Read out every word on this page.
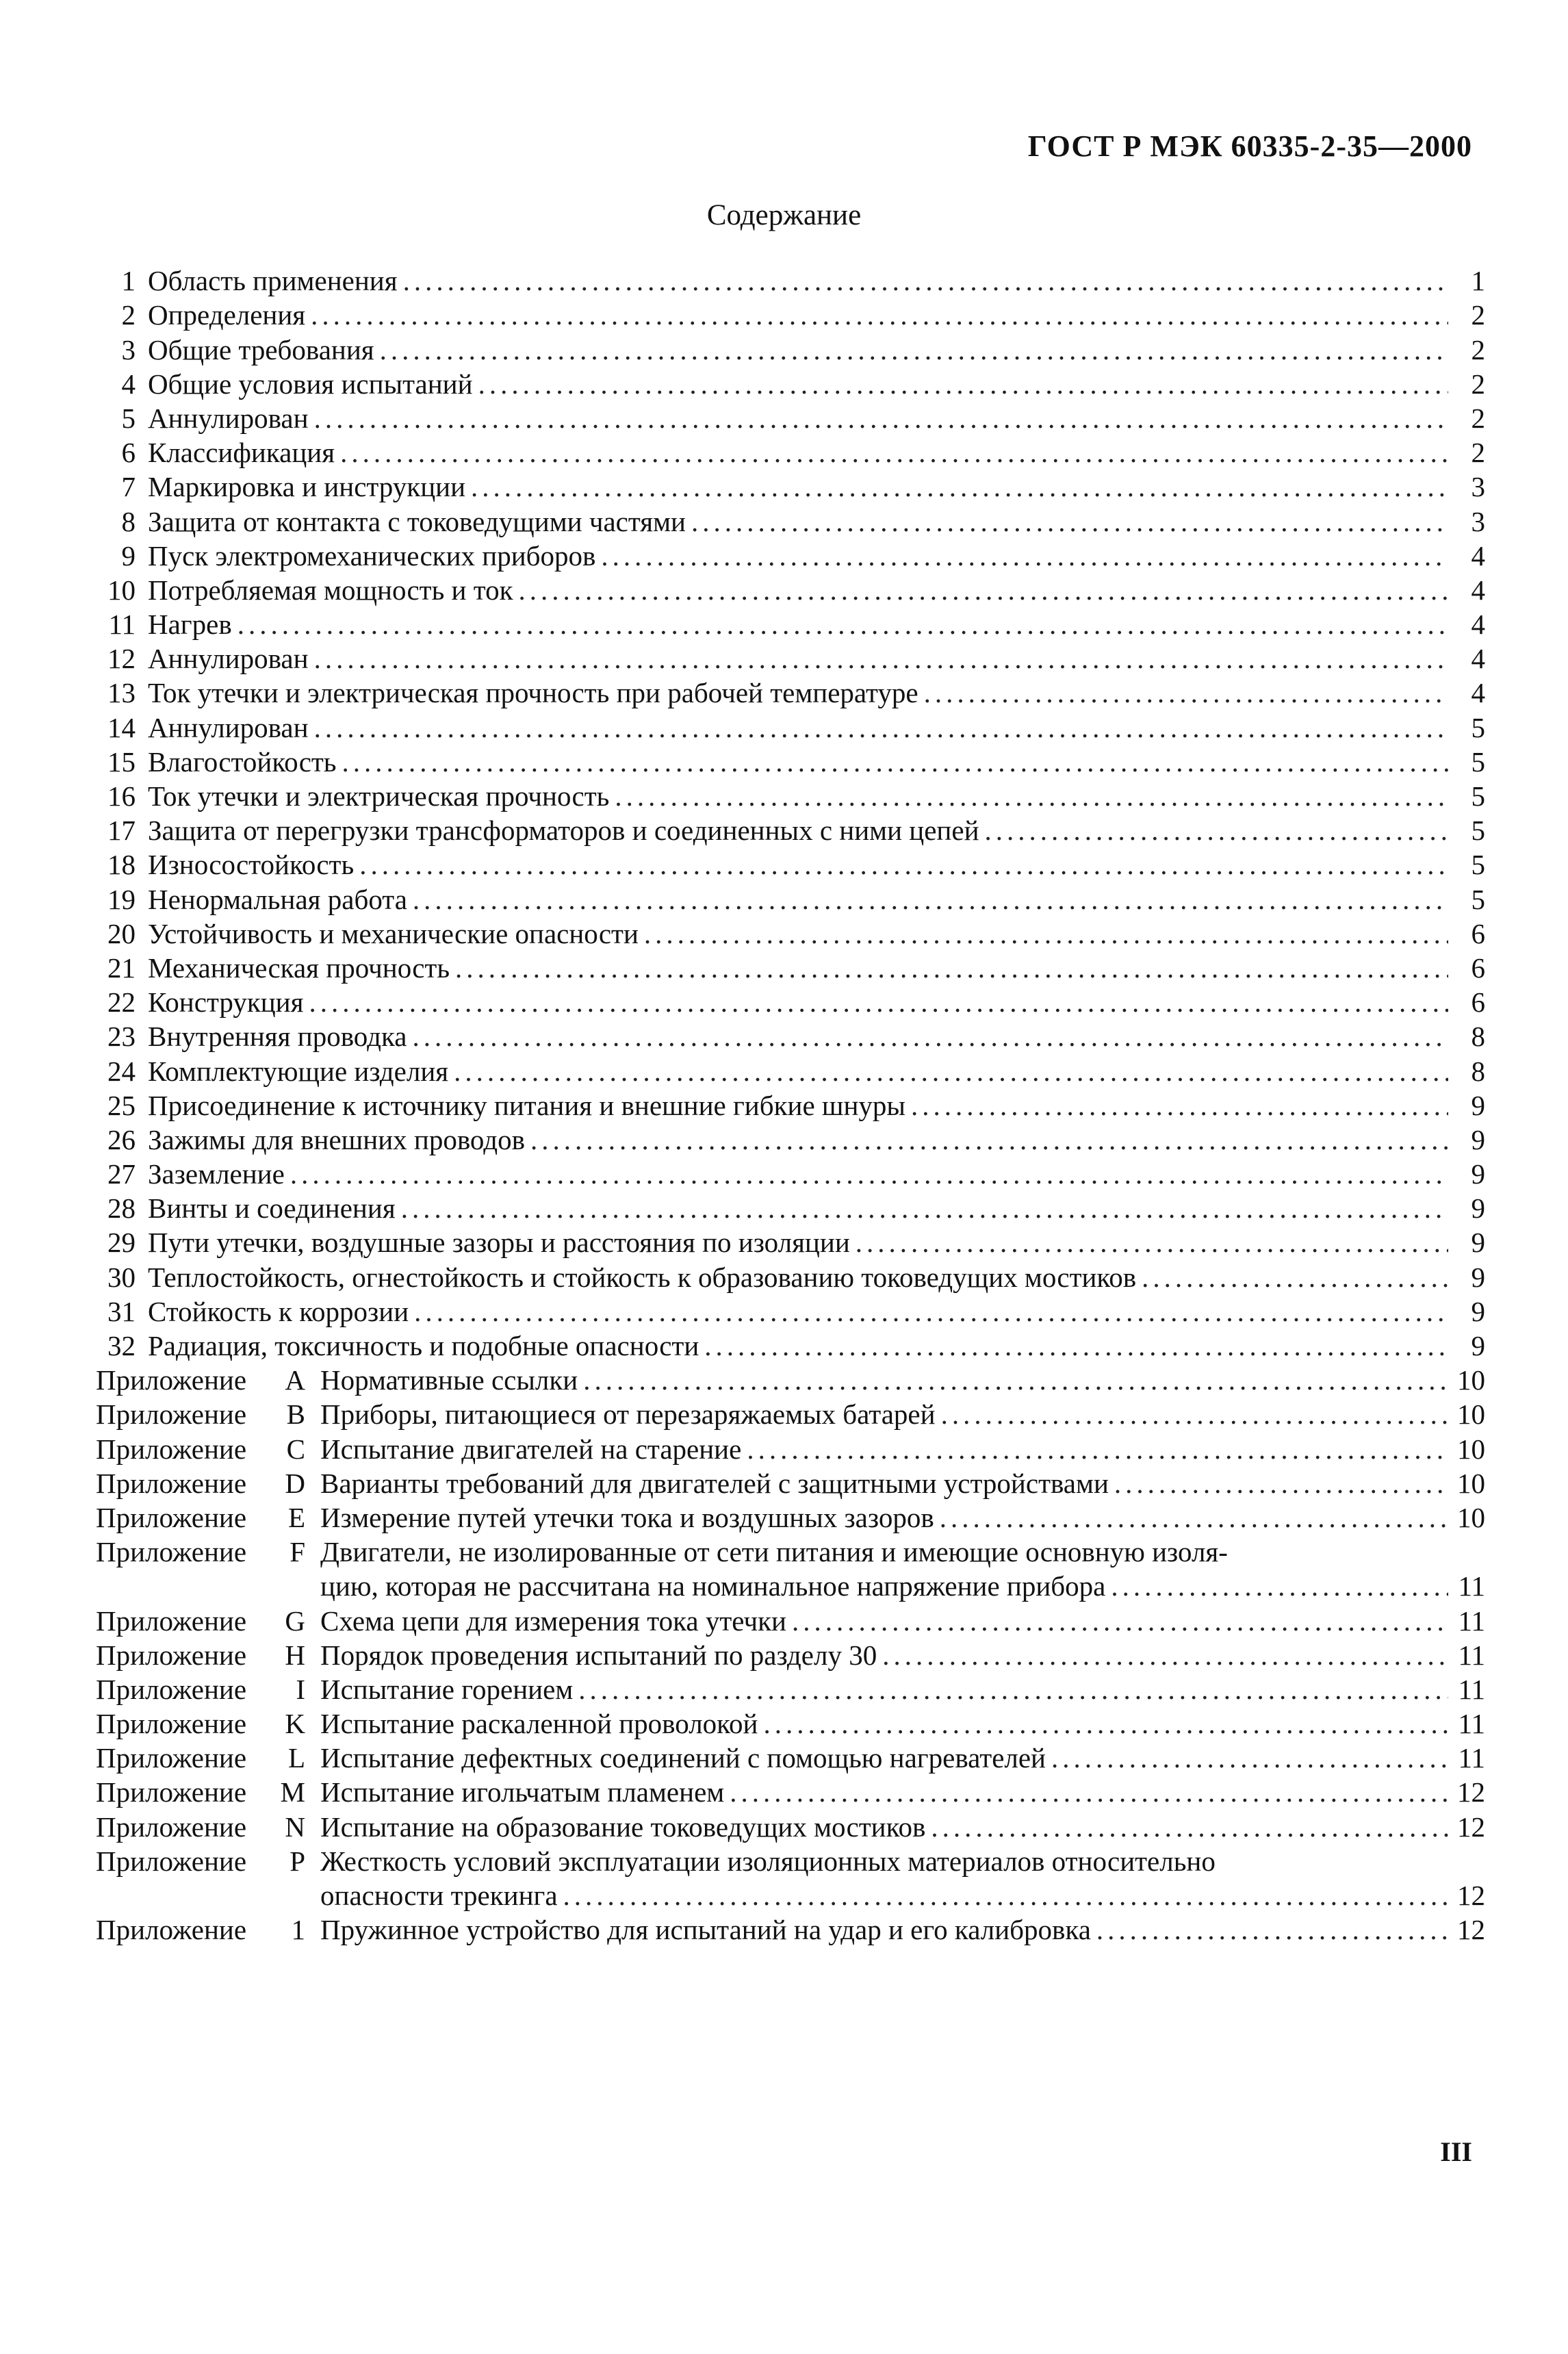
ГОСТ Р МЭК 60335-2-35—2000
Содержание
1 Область применения .....	1
2 Определения .....	2
3 Общие требования .....	2
4 Общие условия испытаний .....	2
5 Аннулирован .....	2
6 Классификация .....	2
7 Маркировка и инструкции .....	3
8 Защита от контакта с токоведущими частями .....	3
9 Пуск электромеханических приборов .....	4
10 Потребляемая мощность и ток .....	4
11 Нагрев .....	4
12 Аннулирован .....	4
13 Ток утечки и электрическая прочность при рабочей температуре .....	4
14 Аннулирован .....	5
15 Влагостойкость .....	5
16 Ток утечки и электрическая прочность .....	5
17 Защита от перегрузки трансформаторов и соединенных с ними цепей .....	5
18 Износостойкость .....	5
19 Ненормальная работа .....	5
20 Устойчивость и механические опасности .....	6
21 Механическая прочность .....	6
22 Конструкция .....	6
23 Внутренняя проводка .....	8
24 Комплектующие изделия .....	8
25 Присоединение к источнику питания и внешние гибкие шнуры .....	9
26 Зажимы для внешних проводов .....	9
27 Заземление .....	9
28 Винты и соединения .....	9
29 Пути утечки, воздушные зазоры и расстояния по изоляции .....	9
30 Теплостойкость, огнестойкость и стойкость к образованию токоведущих мостиков .....	9
31 Стойкость к коррозии .....	9
32 Радиация, токсичность и подобные опасности .....	9
Приложение A Нормативные ссылки .....	10
Приложение B Приборы, питающиеся от перезаряжаемых батарей .....	10
Приложение C Испытание двигателей на старение .....	10
Приложение D Варианты требований для двигателей с защитными устройствами .....	10
Приложение E Измерение путей утечки тока и воздушных зазоров .....	10
Приложение F Двигатели, не изолированные от сети питания и имеющие основную изоля-
цию, которая не рассчитана на номинальное напряжение прибора .....	11
Приложение G Схема цепи для измерения тока утечки .....	11
Приложение H Порядок проведения испытаний по разделу 30 .....	11
Приложение I Испытание горением .....	11
Приложение K Испытание раскаленной проволокой .....	11
Приложение L Испытание дефектных соединений с помощью нагревателей .....	11
Приложение M Испытание игольчатым пламенем .....	12
Приложение N Испытание на образование токоведущих мостиков .....	12
Приложение P Жесткость условий эксплуатации изоляционных материалов относительно
опасности трекинга .....	12
Приложение 1 Пружинное устройство для испытаний на удар и его калибровка .....	12
III
